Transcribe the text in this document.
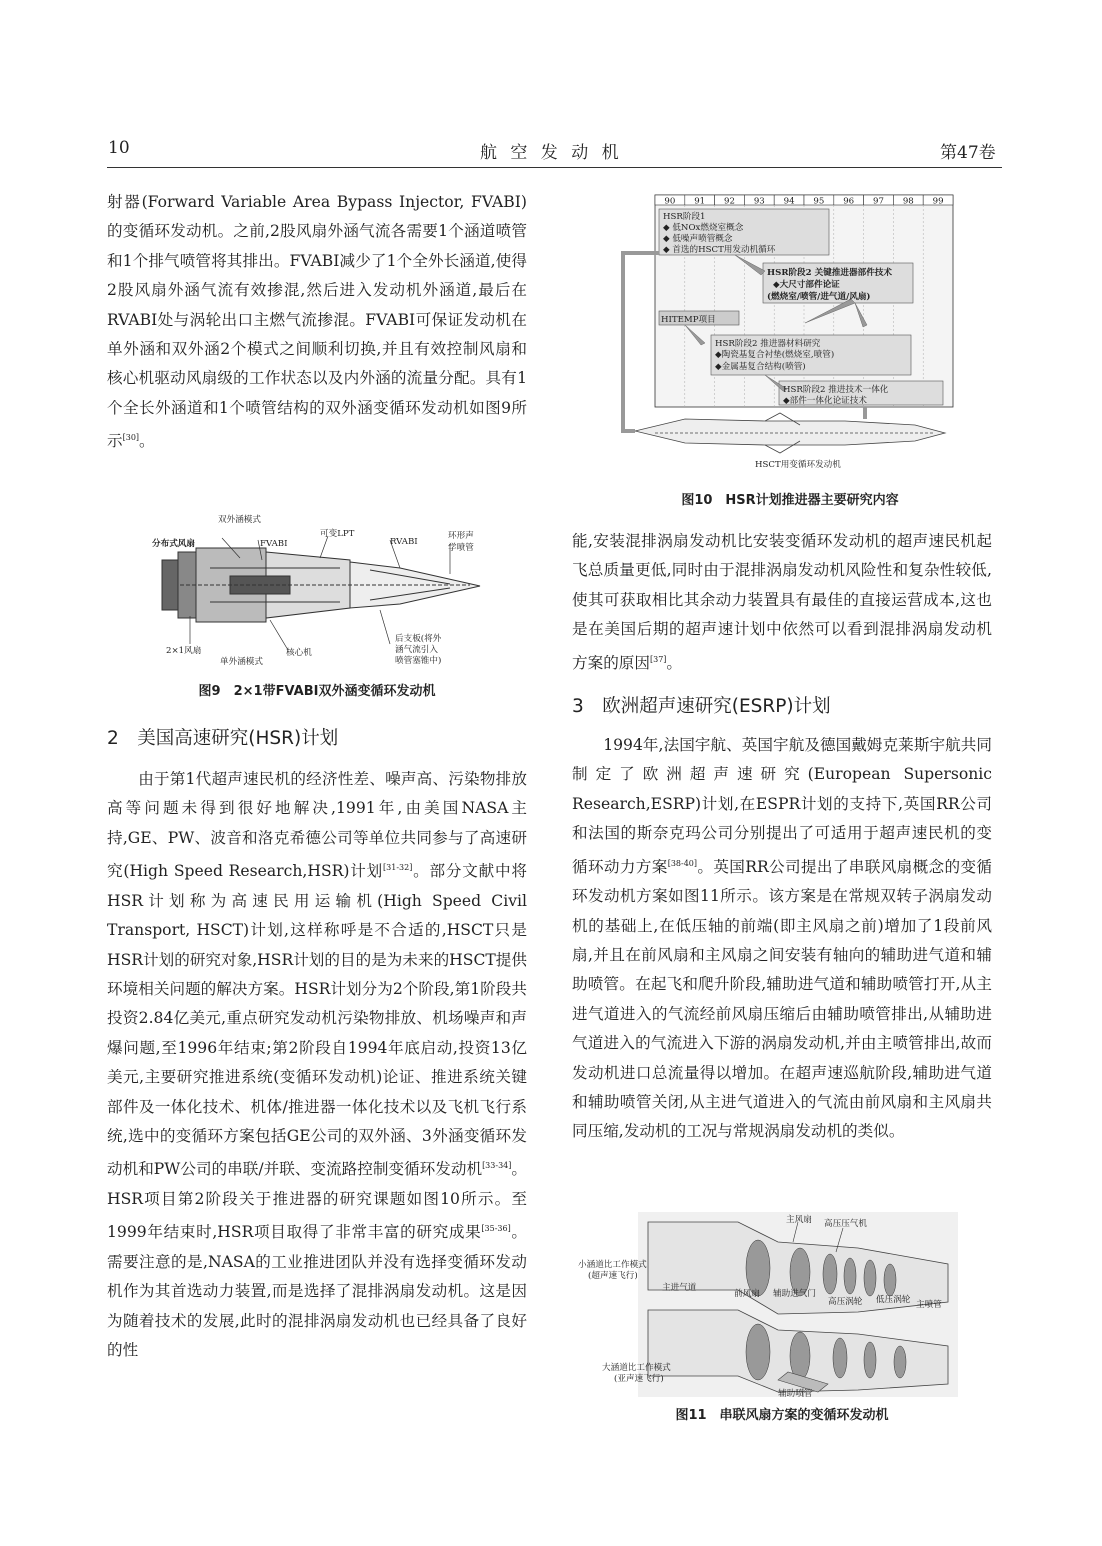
10	航 空 发 动 机	第47卷

射器(Forward Variable Area Bypass Injector, FVABI)的变循环发动机。之前,2股风扇外涵气流各需要1个涵道喷管和1个排气喷管将其排出。FVABI减少了1个全外长涵道,使得2股风扇外涵气流有效掺混,然后进入发动机外涵道,最后在RVABI处与涡轮出口主燃气流掺混。FVABI可保证发动机在单外涵和双外涵2个模式之间顺利切换,并且有效控制风扇和核心机驱动风扇级的工作状态以及内外涵的流量分配。具有1个全长外涵道和1个喷管结构的双外涵变循环发动机如图9所示[30]。

双外涵模式
分布式风扇	FVABI
可变LPT
RVABI
环形声
学喷管
2×1风扇
单外涵模式
核心机
后支板(将外
涵气流引入
喷管塞锥中)
图9　2×1带FVABI双外涵变循环发动机
2　美国高速研究(HSR)计划

由于第1代超声速民机的经济性差、噪声高、污染物排放高等问题未得到很好地解决,1991年,由美国NASA主持,GE、PW、波音和洛克希德公司等单位共同参与了高速研究(High Speed Research,HSR)计划[31-32]。部分文献中将HSR计划称为高速民用运输机(High Speed Civil Transport, HSCT)计划,这样称呼是不合适的,HSCT只是HSR计划的研究对象,HSR计划的目的是为未来的HSCT提供环境相关问题的解决方案。HSR计划分为2个阶段,第1阶段共投资2.84亿美元,重点研究发动机污染物排放、机场噪声和声爆问题,至1996年结束;第2阶段自1994年底启动,投资13亿美元,主要研究推进系统(变循环发动机)论证、推进系统关键部件及一体化技术、机体/推进器一体化技术以及飞机飞行系统,选中的变循环方案包括GE公司的双外涵、3外涵变循环发动机和PW公司的串联/并联、变流路控制变循环发动机[33-34]。HSR项目第2阶段关于推进器的研究课题如图10所示。至1999年结束时,HSR项目取得了非常丰富的研究成果[35-36]。需要注意的是,NASA的工业推进团队并没有选择变循环发动机作为其首选动力装置,而是选择了混排涡扇发动机。这是因为随着技术的发展,此时的混排涡扇发动机也已经具备了良好的性

90 91 92 93 94 95 96 97 98 99
HSR阶段1
◆ 低NOx燃烧室概念
◆ 低噪声喷管概念
◆ 首选的HSCT用发动机循环
HSR阶段2 关键推进器部件技术
◆大尺寸部件论证
(燃烧室/喷管/进气道/风扇)
HITEMP项目
HSR阶段2 推进器材料研究
◆陶瓷基复合衬垫(燃烧室,喷管)
◆金属基复合结构(喷管)
HSR阶段2 推进技术一体化
◆部件一体化论证技术
HSCT用变循环发动机
图10　HSR计划推进器主要研究内容

能,安装混排涡扇发动机比安装变循环发动机的超声速民机起飞总质量更低,同时由于混排涡扇发动机风险性和复杂性较低,使其可获取相比其余动力装置具有最佳的直接运营成本,这也是在美国后期的超声速计划中依然可以看到混排涡扇发动机方案的原因[37]。

3　欧洲超声速研究(ESRP)计划

1994年,法国宇航、英国宇航及德国戴姆克莱斯宇航共同制定了欧洲超声速研究(European Supersonic Research,ESRP)计划,在ESPR计划的支持下,英国RR公司和法国的斯奈克玛公司分别提出了可适用于超声速民机的变循环动力方案[38-40]。英国RR公司提出了串联风扇概念的变循环发动机方案如图11所示。该方案是在常规双转子涡扇发动机的基础上,在低压轴的前端(即主风扇之前)增加了1段前风扇,并且在前风扇和主风扇之间安装有轴向的辅助进气道和辅助喷管。在起飞和爬升阶段,辅助进气道和辅助喷管打开,从主进气道进入的气流经前风扇压缩后由辅助喷管排出,从辅助进气道进入的气流进入下游的涡扇发动机,并由主喷管排出,故而发动机进口总流量得以增加。在超声速巡航阶段,辅助进气道和辅助喷管关闭,从主进气道进入的气流由前风扇和主风扇共同压缩,发动机的工况与常规涡扇发动机的类似。

主风扇 高压压气机
小涵道比工作模式
(超声速飞行)
主进气道
前风扇 辅助进气门
高压涡轮 低压涡轮 主喷管
大涵道比工作模式
(亚声速飞行)
辅助喷管
图11　串联风扇方案的变循环发动机
